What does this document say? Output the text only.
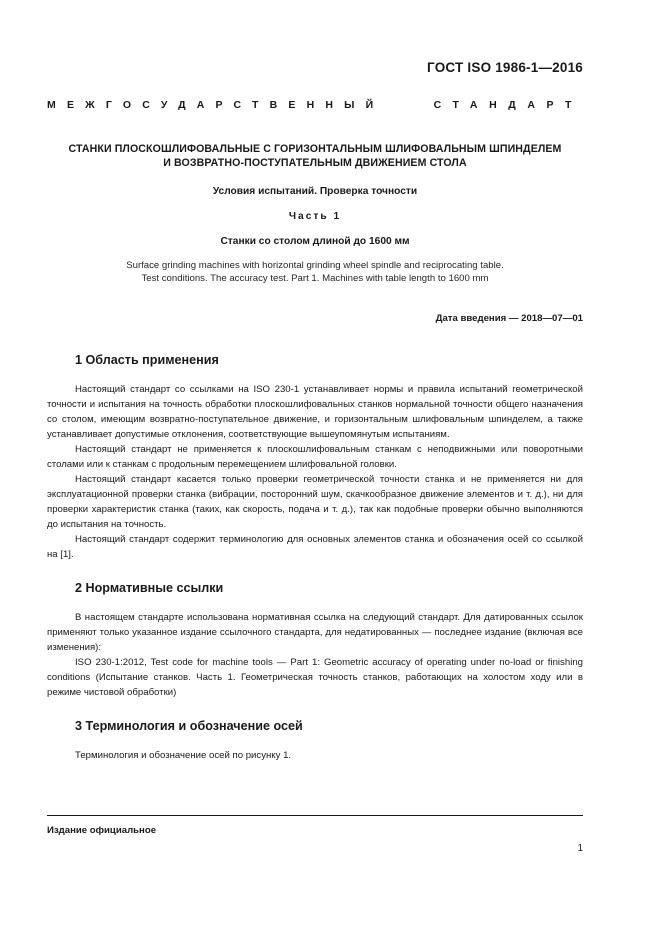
ГОСТ ISO 1986-1—2016
МЕЖГОСУДАРСТВЕННЫЙ	СТАНДАРТ
СТАНКИ ПЛОСКОШЛИФОВАЛЬНЫЕ С ГОРИЗОНТАЛЬНЫМ ШЛИФОВАЛЬНЫМ ШПИНДЕЛЕМ
И ВОЗВРАТНО-ПОСТУПАТЕЛЬНЫМ ДВИЖЕНИЕМ СТОЛА
Условия испытаний. Проверка точности
Часть 1
Станки со столом длиной до 1600 мм
Surface grinding machines with horizontal grinding wheel spindle and reciprocating table.
Test conditions. The accuracy test. Part 1. Machines with table length to 1600 mm
Дата введения — 2018—07—01
1 Область применения

Настоящий стандарт со ссылками на ISO 230-1 устанавливает нормы и правила испытаний геометрической точности и испытания на точность обработки плоскошлифовальных станков нормальной точности общего назначения со столом, имеющим возвратно-поступательное движение, и горизонтальным шлифовальным шпинделем, а также устанавливает допустимые отклонения, соответствующие вышеупомянутым испытаниям.

Настоящий стандарт не применяется к плоскошлифовальным станкам с неподвижными или поворотными столами или к станкам с продольным перемещением шлифовальной головки.

Настоящий стандарт касается только проверки геометрической точности станка и не применяется ни для эксплуатационной проверки станка (вибрации, посторонний шум, скачкообразное движение элементов и т. д.), ни для проверки характеристик станка (таких, как скорость, подача и т. д.), так как подобные проверки обычно выполняются до испытания на точность.

Настоящий стандарт содержит терминологию для основных элементов станка и обозначения осей со ссылкой на [1].

2 Нормативные ссылки

В настоящем стандарте использована нормативная ссылка на следующий стандарт. Для датированных ссылок применяют только указанное издание ссылочного стандарта, для недатированных — последнее издание (включая все изменения):

ISO 230-1:2012, Test code for machine tools — Part 1: Geometric accuracy of operating under no-load or finishing conditions (Испытание станков. Часть 1. Геометрическая точность станков, работающих на холостом ходу или в режиме чистовой обработки)

3 Терминология и обозначение осей

Терминология и обозначение осей по рисунку 1.

Издание официальное
1
